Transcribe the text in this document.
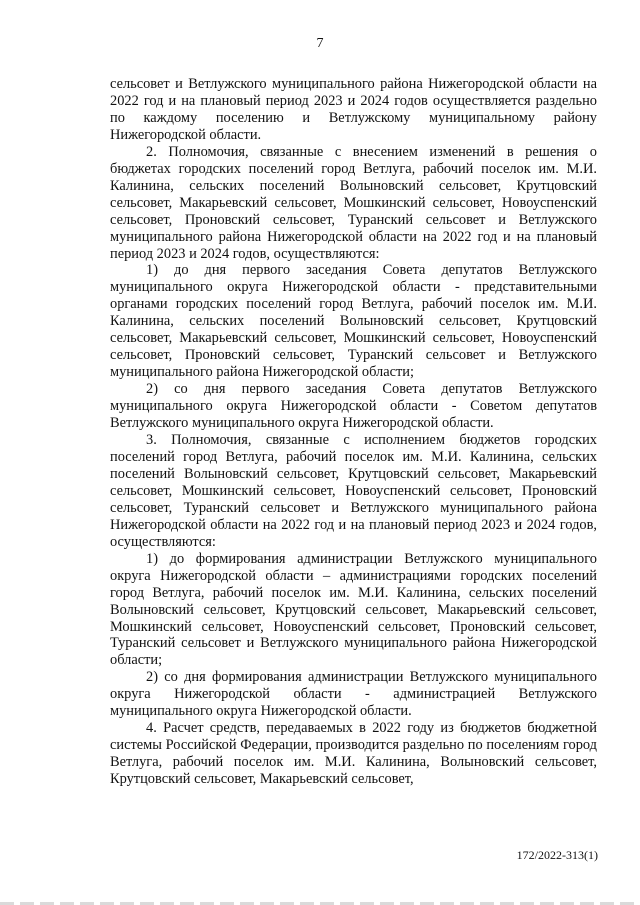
7

сельсовет и Ветлужского муниципального района Нижегородской области на 2022 год и на плановый период 2023 и 2024 годов осуществляется раздельно по каждому поселению и Ветлужскому муниципальному району Нижегородской области.

2. Полномочия, связанные с внесением изменений в решения о бюджетах городских поселений город Ветлуга, рабочий поселок им. М.И. Калинина, сельских поселений Волыновский сельсовет, Крутцовский сельсовет, Макарьевский сельсовет, Мошкинский сельсовет, Новоуспенский сельсовет, Проновский сельсовет, Туранский сельсовет и Ветлужского муниципального района Нижегородской области на 2022 год и на плановый период 2023 и 2024 годов, осуществляются:

1) до дня первого заседания Совета депутатов Ветлужского муниципального округа Нижегородской области - представительными органами городских поселений город Ветлуга, рабочий поселок им. М.И. Калинина, сельских поселений Волыновский сельсовет, Крутцовский сельсовет, Макарьевский сельсовет, Мошкинский сельсовет, Новоуспенский сельсовет, Проновский сельсовет, Туранский сельсовет и Ветлужского муниципального района Нижегородской области;

2) со дня первого заседания Совета депутатов Ветлужского муниципального округа Нижегородской области - Советом депутатов Ветлужского муниципального округа Нижегородской области.

3. Полномочия, связанные с исполнением бюджетов городских поселений город Ветлуга, рабочий поселок им. М.И. Калинина, сельских поселений Волыновский сельсовет, Крутцовский сельсовет, Макарьевский сельсовет, Мошкинский сельсовет, Новоуспенский сельсовет, Проновский сельсовет, Туранский сельсовет и Ветлужского муниципального района Нижегородской области на 2022 год и на плановый период 2023 и 2024 годов, осуществляются:

1) до формирования администрации Ветлужского муниципального округа Нижегородской области – администрациями городских поселений город Ветлуга, рабочий поселок им. М.И. Калинина, сельских поселений Волыновский сельсовет, Крутцовский сельсовет, Макарьевский сельсовет, Мошкинский сельсовет, Новоуспенский сельсовет, Проновский сельсовет, Туранский сельсовет и Ветлужского муниципального района Нижегородской области;

2) со дня формирования администрации Ветлужского муниципального округа Нижегородской области - администрацией Ветлужского муниципального округа Нижегородской области.

4. Расчет средств, передаваемых в 2022 году из бюджетов бюджетной системы Российской Федерации, производится раздельно по поселениям город Ветлуга, рабочий поселок им. М.И. Калинина, Волыновский сельсовет, Крутцовский сельсовет, Макарьевский сельсовет,

172/2022-313(1)
